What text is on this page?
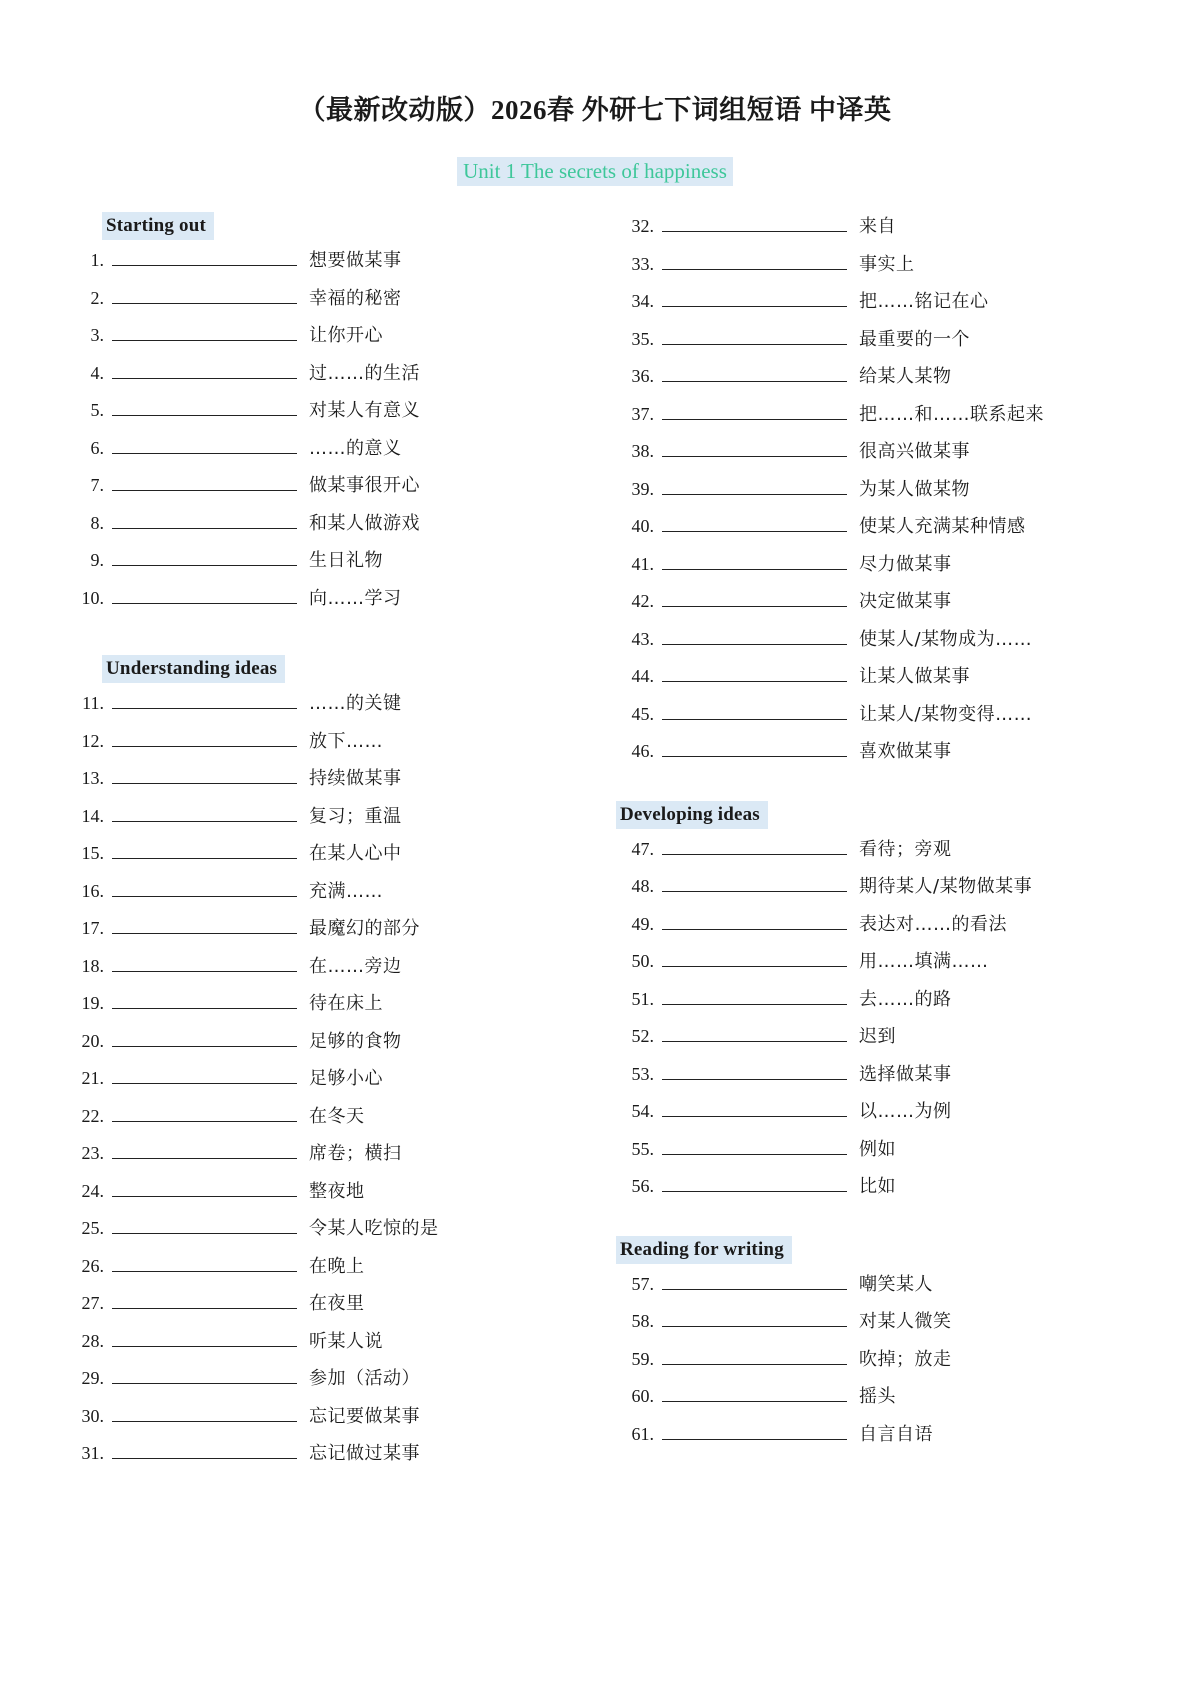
（最新改动版）2026春 外研七下词组短语 中译英
Unit 1 The secrets of happiness
Starting out
1.	想要做某事
2.	幸福的秘密
3.	让你开心
4.	过……的生活
5.	对某人有意义
6.	……的意义
7.	做某事很开心
8.	和某人做游戏
9.	生日礼物
10.	向……学习
Understanding ideas
11.	……的关键
12.	放下……
13.	持续做某事
14.	复习；重温
15.	在某人心中
16.	充满……
17.	最魔幻的部分
18.	在……旁边
19.	待在床上
20.	足够的食物
21.	足够小心
22.	在冬天
23.	席卷；横扫
24.	整夜地
25.	令某人吃惊的是
26.	在晚上
27.	在夜里
28.	听某人说
29.	参加（活动）
30.	忘记要做某事
31.	忘记做过某事
32.	来自
33.	事实上
34.	把……铭记在心
35.	最重要的一个
36.	给某人某物
37.	把……和……联系起来
38.	很高兴做某事
39.	为某人做某物
40.	使某人充满某种情感
41.	尽力做某事
42.	决定做某事
43.	使某人/某物成为……
44.	让某人做某事
45.	让某人/某物变得……
46.	喜欢做某事
Developing ideas
47.	看待；旁观
48.	期待某人/某物做某事
49.	表达对……的看法
50.	用……填满……
51.	去……的路
52.	迟到
53.	选择做某事
54.	以……为例
55.	例如
56.	比如
Reading for writing
57.	嘲笑某人
58.	对某人微笑
59.	吹掉；放走
60.	摇头
61.	自言自语
